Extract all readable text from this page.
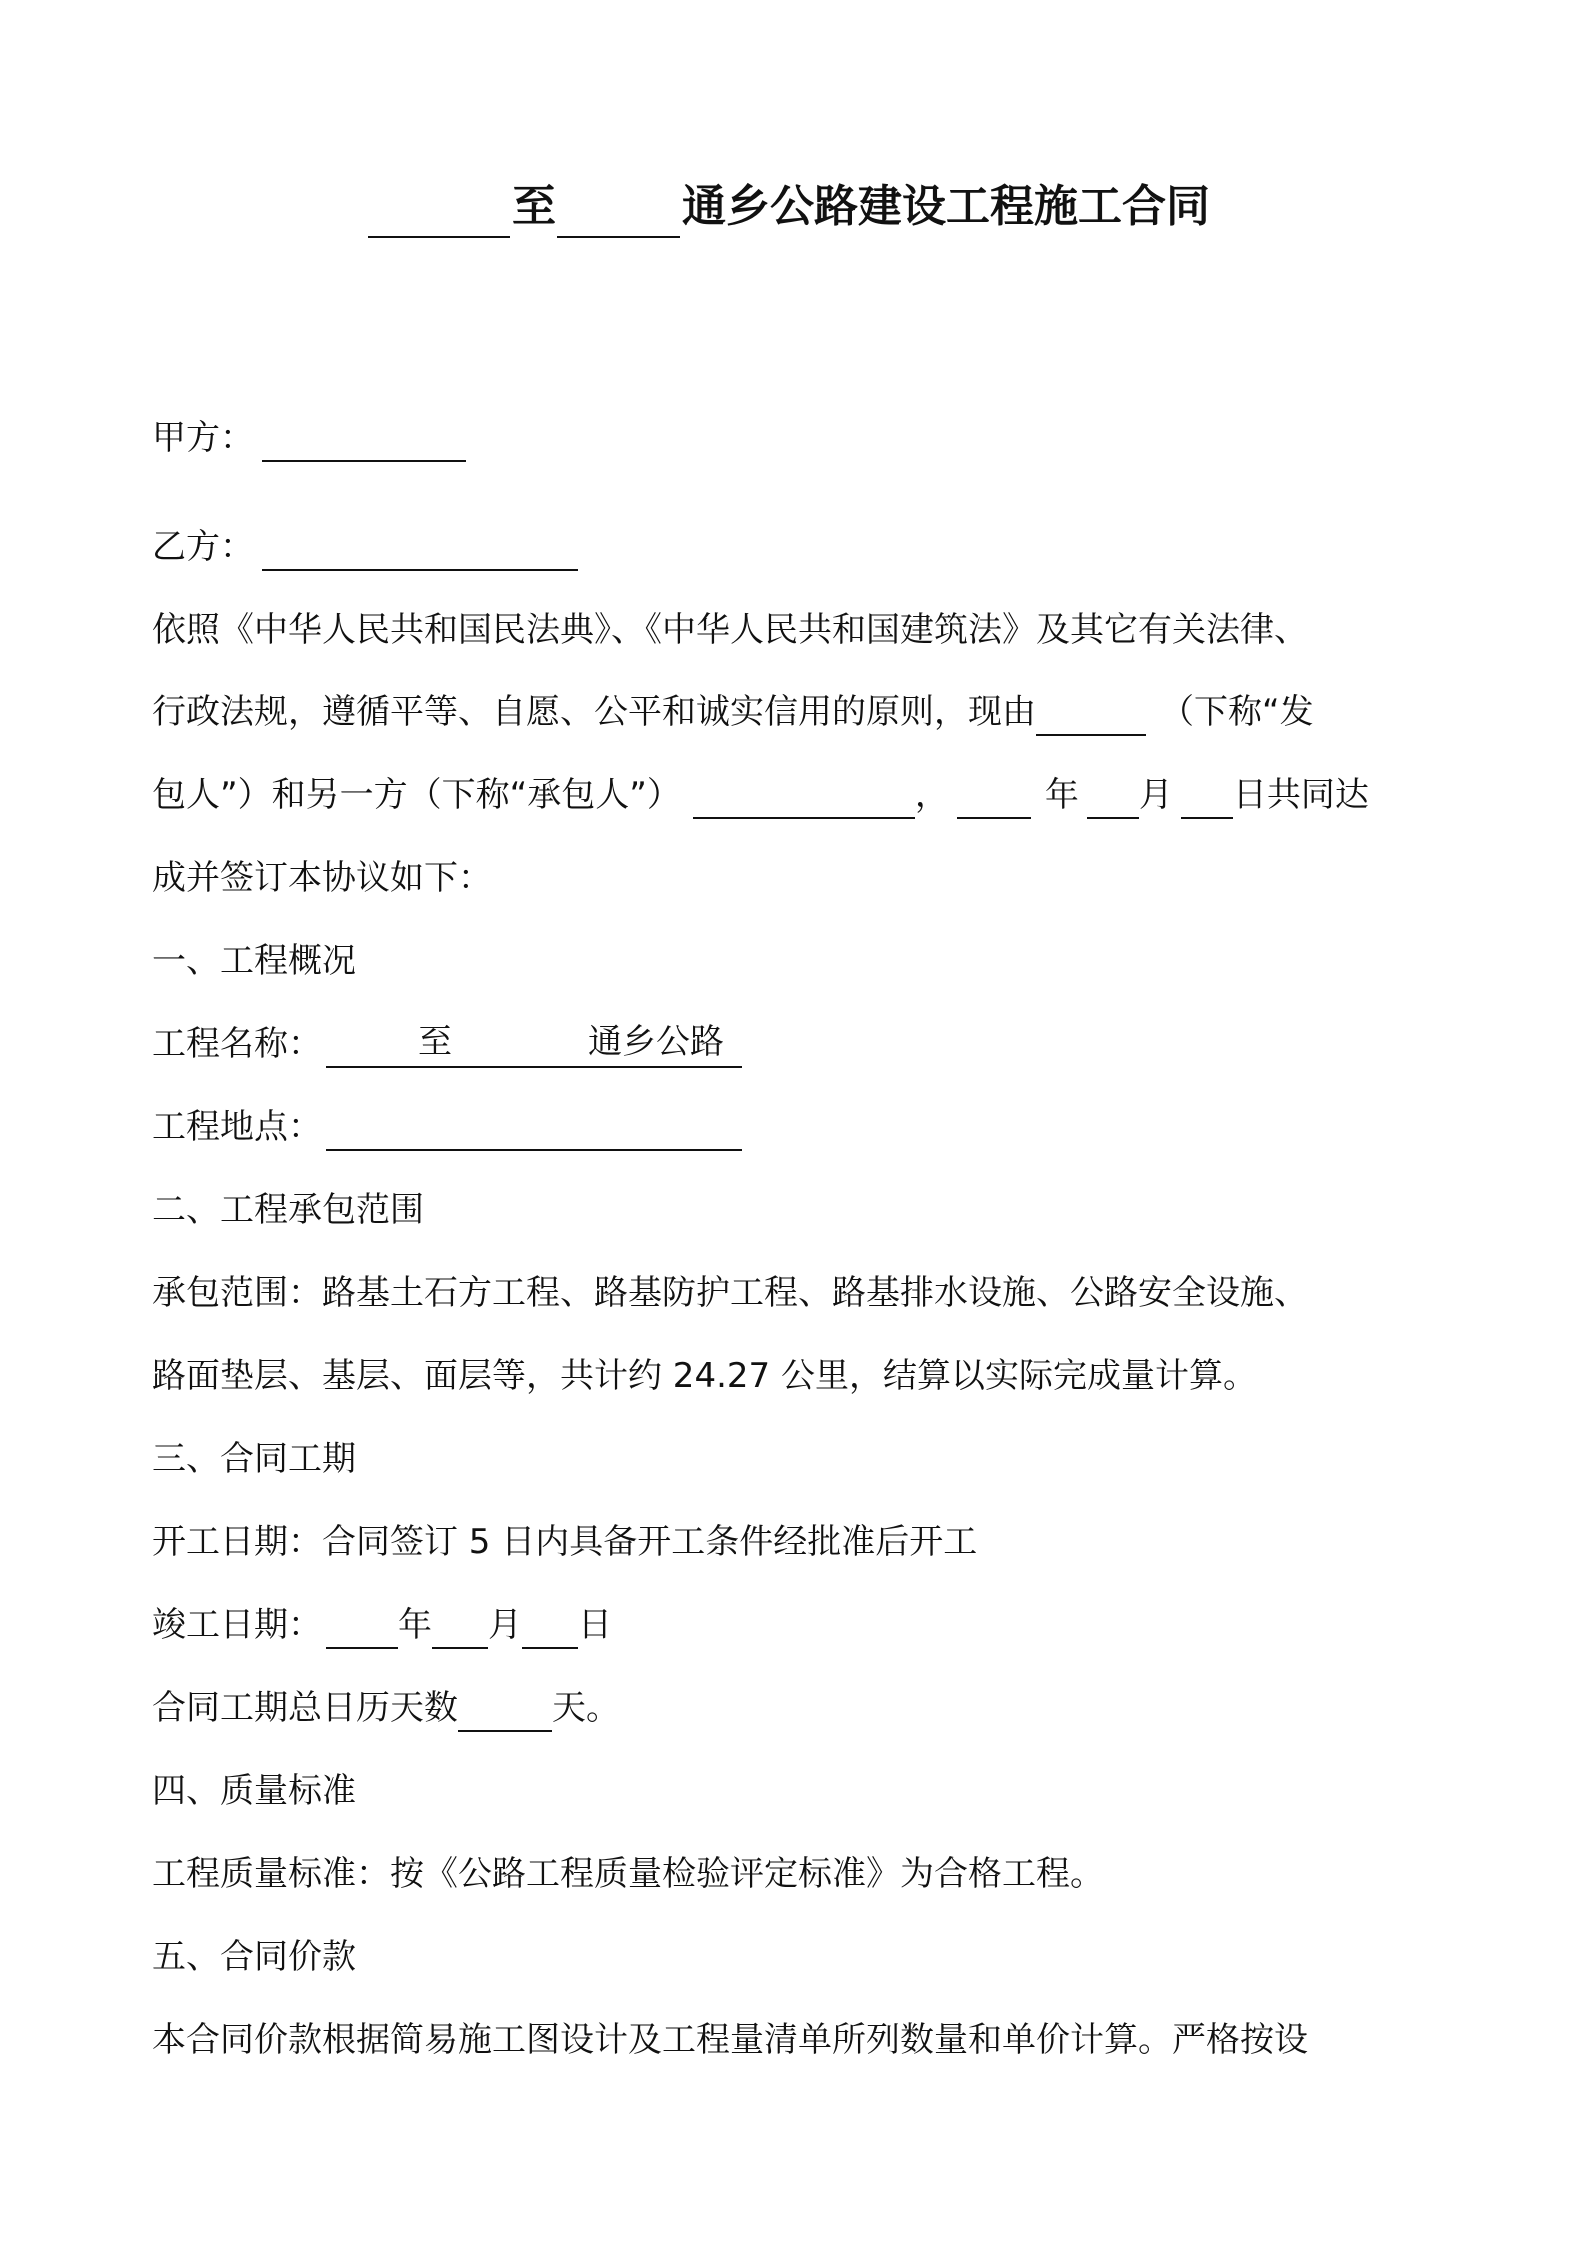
至	通乡公路建设工程施工合同
甲方：
乙方：
依照《中华人民共和国民法典》、《中华人民共和国建筑法》及其它有关法律、
行政法规，遵循平等、自愿、公平和诚实信用的原则，现由	（下称“发
包人”）和另一方（下称“承包人”）	，	年 月 日共同达
成并签订本协议如下：
一、工程概况
工程名称：	至	通乡公路
工程地点：
二、工程承包范围
承包范围：路基土石方工程、路基防护工程、路基排水设施、公路安全设施、
路面垫层、基层、面层等，共计约 24.27 公里，结算以实际完成量计算。
三、合同工期
开工日期：合同签订 5 日内具备开工条件经批准后开工
竣工日期： 年 月 日
合同工期总日历天数	天。
四、质量标准
工程质量标准：按《公路工程质量检验评定标准》为合格工程。
五、合同价款
本合同价款根据简易施工图设计及工程量清单所列数量和单价计算。严格按设
